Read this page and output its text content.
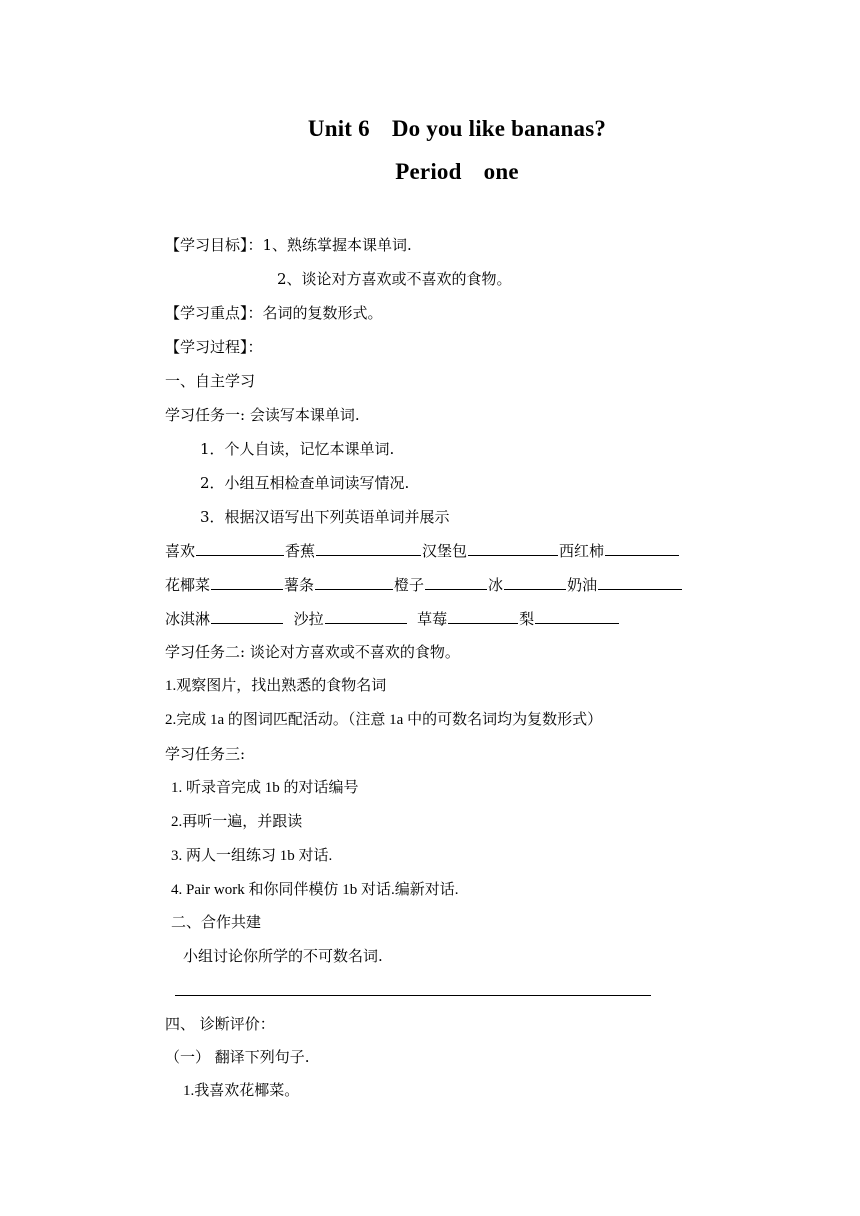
Unit 6 Do you like bananas?
Period one
【学习目标】：1、熟练掌握本课单词.
2、谈论对方喜欢或不喜欢的食物。
【学习重点】：名词的复数形式。
【学习过程】：
一、自主学习
学习任务一: 会读写本课单词.
1．个人自读，记忆本课单词.
2．小组互相检查单词读写情况.
3．根据汉语写出下列英语单词并展示
喜欢	香蕉	汉堡包	西红柿
花椰菜	薯条	橙子	冰	奶油
冰淇淋	沙拉	草莓	梨
学习任务二: 谈论对方喜欢或不喜欢的食物。
1.观察图片，找出熟悉的食物名词
2.完成 1a 的图词匹配活动。（注意 1a 中的可数名词均为复数形式）
学习任务三:
1. 听录音完成 1b 的对话编号
2.再听一遍，并跟读
3. 两人一组练习 1b 对话.
4. Pair work 和你同伴模仿 1b 对话.编新对话.
二、合作共建
小组讨论你所学的不可数名词.
四、 诊断评价：
（一） 翻译下列句子.
1.我喜欢花椰菜。
